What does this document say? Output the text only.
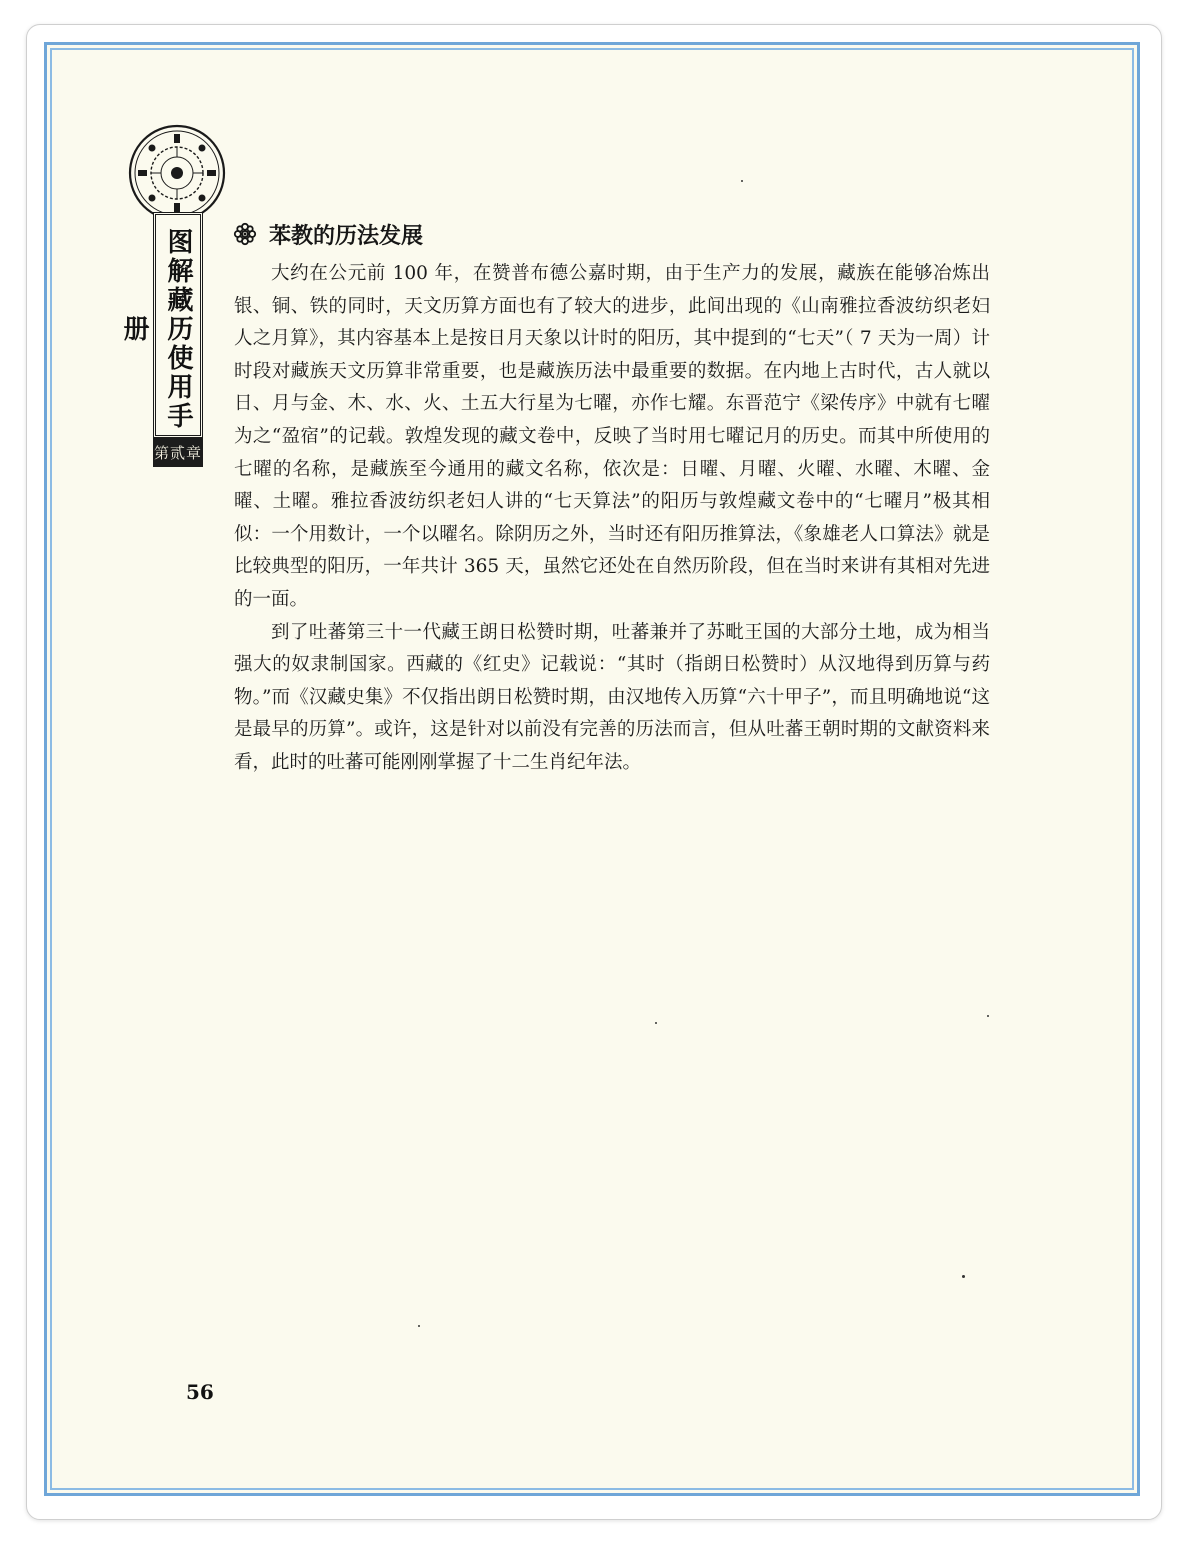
图解藏历使用手册
第贰章
苯教的历法发展

大约在公元前 100 年，在赞普布德公嘉时期，由于生产力的发展，藏族在能够冶炼出银、铜、铁的同时，天文历算方面也有了较大的进步，此间出现的《山南雅拉香波纺织老妇人之月算》，其内容基本上是按日月天象以计时的阳历，其中提到的“七天”（ 7 天为一周）计时段对藏族天文历算非常重要，也是藏族历法中最重要的数据。在内地上古时代，古人就以日、月与金、木、水、火、土五大行星为七曜，亦作七耀。东晋范宁《梁传序》中就有七曜为之“盈宿”的记载。敦煌发现的藏文卷中，反映了当时用七曜记月的历史。而其中所使用的七曜的名称，是藏族至今通用的藏文名称，依次是：日曜、月曜、火曜、水曜、木曜、金曜、土曜。雅拉香波纺织老妇人讲的“七天算法”的阳历与敦煌藏文卷中的“七曜月”极其相似：一个用数计，一个以曜名。除阴历之外，当时还有阳历推算法，《象雄老人口算法》就是比较典型的阳历，一年共计 365 天，虽然它还处在自然历阶段，但在当时来讲有其相对先进的一面。

到了吐蕃第三十一代藏王朗日松赞时期，吐蕃兼并了苏毗王国的大部分土地，成为相当强大的奴隶制国家。西藏的《红史》记载说：“其时（指朗日松赞时）从汉地得到历算与药物。”而《汉藏史集》不仅指出朗日松赞时期，由汉地传入历算“六十甲子”，而且明确地说“这是最早的历算”。或许，这是针对以前没有完善的历法而言，但从吐蕃王朝时期的文献资料来看，此时的吐蕃可能刚刚掌握了十二生肖纪年法。

56
